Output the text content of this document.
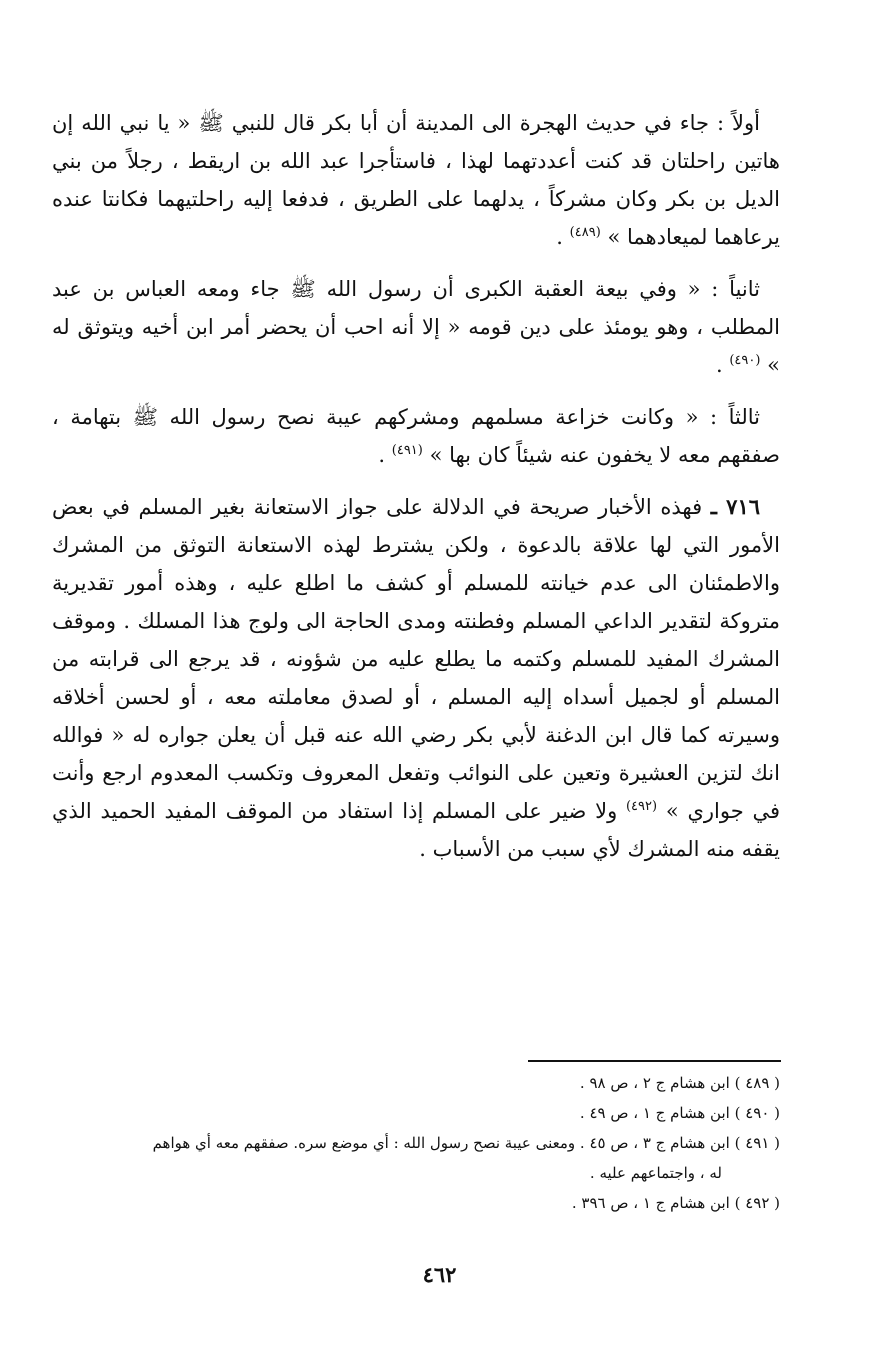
أولاً : جاء في حديث الهجرة الى المدينة أن أبا بكر قال للنبي ﷺ « يا نبي الله إن هاتين راحلتان قد كنت أعددتهما لهذا ، فاستأجرا عبد الله بن اريقط ، رجلاً من بني الديل بن بكر وكان مشركاً ، يدلهما على الطريق ، فدفعا إليه راحلتيهما فكانتا عنده يرعاهما لميعادهما » $^{(٤٨٩)}$ .

ثانياً : « وفي بيعة العقبة الكبرى أن رسول الله ﷺ جاء ومعه العباس بن عبد المطلب ، وهو يومئذ على دين قومه « إلا أنه احب أن يحضر أمر ابن أخيه ويتوثق له » $^{(٤٩٠)}$ .

ثالثاً : « وكانت خزاعة مسلمهم ومشركهم عيبة نصح رسول الله ﷺ بتهامة ، صفقهم معه لا يخفون عنه شيئاً كان بها » $^{(٤٩١)}$ .

٧١٦ ـ فهذه الأخبار صريحة في الدلالة على جواز الاستعانة بغير المسلم في بعض الأمور التي لها علاقة بالدعوة ، ولكن يشترط لهذه الاستعانة التوثق من المشرك والاطمئنان الى عدم خيانته للمسلم أو كشف ما اطلع عليه ، وهذه أمور تقديرية متروكة لتقدير الداعي المسلم وفطنته ومدى الحاجة الى ولوج هذا المسلك . وموقف المشرك المفيد للمسلم وكتمه ما يطلع عليه من شؤونه ، قد يرجع الى قرابته من المسلم أو لجميل أسداه إليه المسلم ، أو لصدق معاملته معه ، أو لحسن أخلاقه وسيرته كما قال ابن الدغنة لأبي بكر رضي الله عنه قبل أن يعلن جواره له « فوالله انك لتزين العشيرة وتعين على النوائب وتفعل المعروف وتكسب المعدوم ارجع وأنت في جواري » $^{(٤٩٢)}$ ولا ضير على المسلم إذا استفاد من الموقف المفيد الحميد الذي يقفه منه المشرك لأي سبب من الأسباب .

( ٤٨٩ ) ابن هشام ج ٢ ، ص ٩٨ .

( ٤٩٠ ) ابن هشام ج ١ ، ص ٤٩ .

( ٤٩١ ) ابن هشام ج ٣ ، ص ٤٥ . ومعنى عيبة نصح رسول الله : أي موضع سره. صفقهم معه أي هواهم
له ، واجتماعهم عليه .

( ٤٩٢ ) ابن هشام ج ١ ، ص ٣٩٦ .

٤٦٢
